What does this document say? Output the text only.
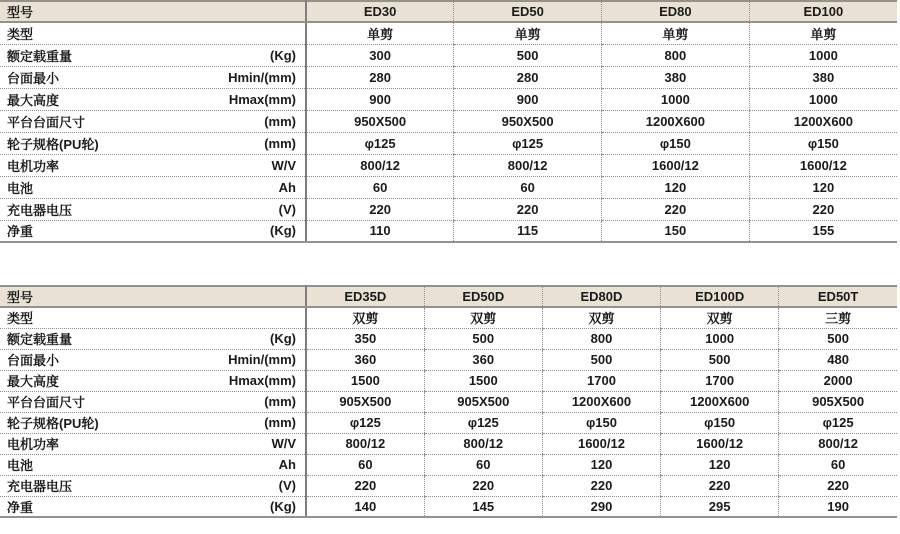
型号	ED30	ED50	ED80	ED100

类型	单剪	单剪	单剪	单剪

额定载重量 (Kg)	300	500	800	1000

台面最小 Hmin/(mm)	280	280	380	380

最大高度 Hmax(mm)	900	900	1000	1000

平台台面尺寸 (mm)	950X500	950X500	1200X600	1200X600

轮子规格(PU轮) (mm)	φ125	φ125	φ150	φ150

电机功率 W/V	800/12	800/12	1600/12	1600/12

电池 Ah	60	60	120	120

充电器电压 (V)	220	220	220	220

净重 (Kg)	110	115	150	155
型号	ED35D	ED50D	ED80D	ED100D	ED50T

类型	双剪	双剪	双剪	双剪	三剪

额定载重量 (Kg)	350	500	800	1000	500

台面最小 Hmin/(mm)	360	360	500	500	480

最大高度 Hmax(mm)	1500	1500	1700	1700	2000

平台台面尺寸 (mm)	905X500	905X500	1200X600	1200X600	905X500

轮子规格(PU轮) (mm)	φ125	φ125	φ150	φ150	φ125

电机功率 W/V	800/12	800/12	1600/12	1600/12	800/12

电池 Ah	60	60	120	120	60

充电器电压 (V)	220	220	220	220	220

净重 (Kg)	140	145	290	295	190
